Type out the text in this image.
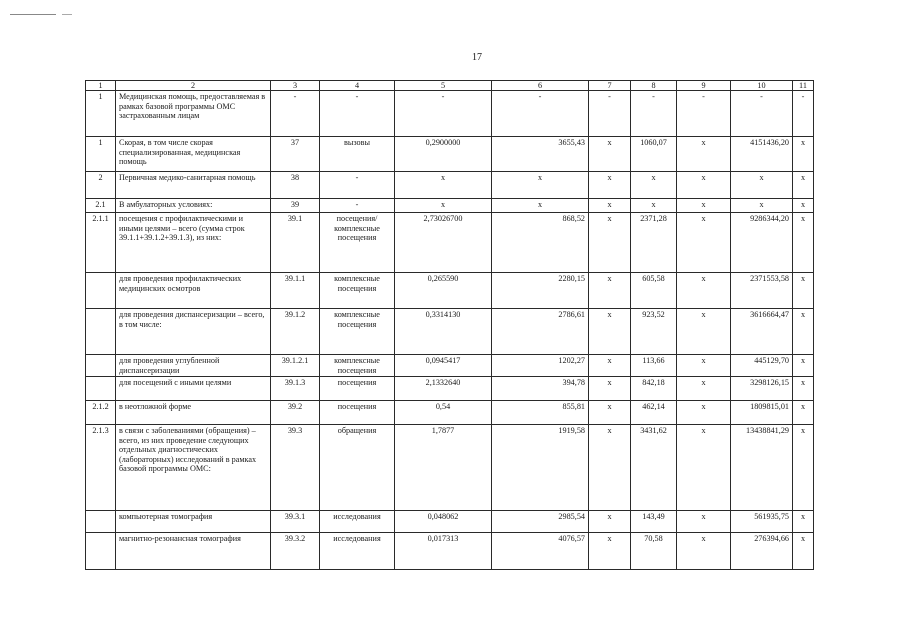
17
1	2	3	4	5	6	7	8	9	10	11
1	Медицинская помощь, предоставляемая в рамках базовой программы ОМС застрахованным лицам	-	-	-	-	-	-	-	-	-
1	Скорая, в том числе скорая специализированная, медицинская помощь	37	вызовы	0,2900000	3655,43	x	1060,07	x	4151436,20	x
2	Первичная медико-санитарная помощь	38	-	x	x	x	x	x	x	x
2.1	В амбулаторных условиях:	39	-	x	x	x	x	x	x	x
2.1.1	посещения с профилактическими и иными целями – всего (сумма строк 39.1.1+39.1.2+39.1.3), из них:	39.1	посещения/ комплексные посещения	2,73026700	868,52	x	2371,28	x	9286344,20	x
	для проведения профилактических медицинских осмотров	39.1.1	комплексные посещения	0,265590	2280,15	x	605,58	x	2371553,58	x
	для проведения диспансеризации – всего, в том числе:	39.1.2	комплексные посещения	0,3314130	2786,61	x	923,52	x	3616664,47	x
	для проведения углубленной диспансеризации	39.1.2.1	комплексные посещения	0,0945417	1202,27	x	113,66	x	445129,70	x
	для посещений с иными целями	39.1.3	посещения	2,1332640	394,78	x	842,18	x	3298126,15	x
2.1.2	в неотложной форме	39.2	посещения	0,54	855,81	x	462,14	x	1809815,01	x
2.1.3	в связи с заболеваниями (обращения) – всего, из них проведение следующих отдельных диагностических (лабораторных) исследований в рамках базовой программы ОМС:	39.3	обращения	1,7877	1919,58	x	3431,62	x	13438841,29	x
	компьютерная томография	39.3.1	исследования	0,048062	2985,54	x	143,49	x	561935,75	x
	магнитно-резонансная томография	39.3.2	исследования	0,017313	4076,57	x	70,58	x	276394,66	x
